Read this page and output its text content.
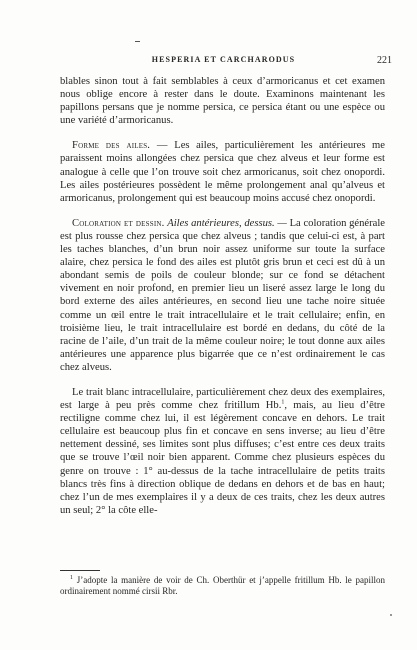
HESPERIA ET CARCHARODUS	221

blables sinon tout à fait semblables à ceux d’armoricanus et cet examen nous oblige encore à rester dans le doute. Examinons maintenant les papillons persans que je nomme persica, ce persica étant ou une espèce ou une variété d’armoricanus.

Forme des ailes. — Les ailes, particulièrement les antérieures me paraissent moins allongées chez persica que chez alveus et leur forme est analogue à celle que l’on trouve soit chez armoricanus, soit chez onopordi. Les ailes postérieures possèdent le même prolongement anal qu’alveus et armoricanus, prolongement qui est beaucoup moins accusé chez onopordi.

Coloration et dessin. Ailes antérieures, dessus. — La coloration générale est plus rousse chez persica que chez alveus ; tandis que celui-ci est, à part les taches blanches, d’un brun noir assez uniforme sur toute la surface alaire, chez persica le fond des ailes est plutôt gris brun et ceci est dû à un abondant semis de poils de couleur blonde; sur ce fond se détachent vivement en noir profond, en premier lieu un liseré assez large le long du bord externe des ailes antérieures, en second lieu une tache noire située comme un œil entre le trait intracellulaire et le trait cellulaire; enfin, en troisième lieu, le trait intracellulaire est bordé en dedans, du côté de la racine de l’aile, d’un trait de la même couleur noire; le tout donne aux ailes antérieures une apparence plus bigarrée que ce n’est ordinairement le cas chez alveus.

Le trait blanc intracellulaire, particulièrement chez deux des exemplaires, est large à peu près comme chez fritillum Hb.$^1$, mais, au lieu d’être rectiligne comme chez lui, il est légèrement concave en dehors. Le trait cellulaire est beaucoup plus fin et concave en sens inverse; au lieu d’être nettement dessiné, ses limites sont plus diffuses; c’est entre ces deux traits que se trouve l’œil noir bien apparent. Comme chez plusieurs espèces du genre on trouve : 1° au-dessus de la tache intracellulaire de petits traits blancs très fins à direction oblique de dedans en dehors et de bas en haut; chez l’un de mes exemplaires il y a deux de ces traits, chez les deux autres un seul; 2° la côte elle-

$^1$ J’adopte la manière de voir de Ch. Oberthür et j’appelle fritillum Hb. le papillon ordinairement nommé cirsii Rbr.
